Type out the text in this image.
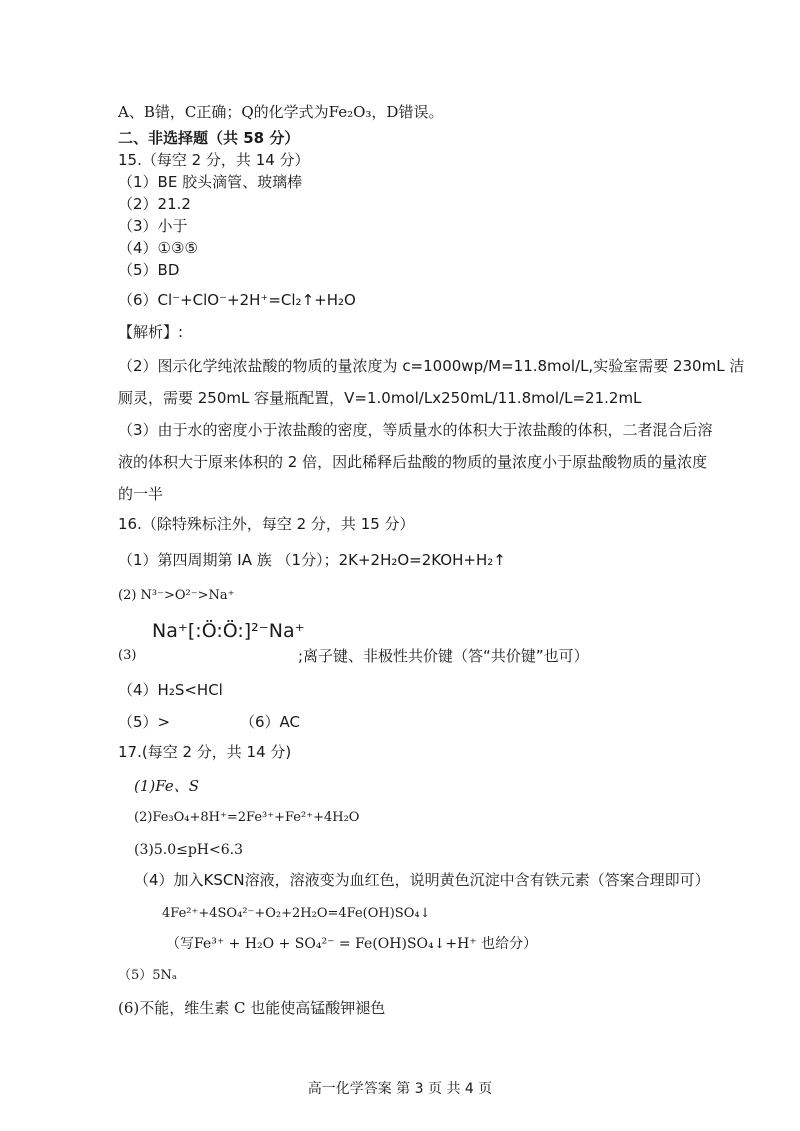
A、B错，C正确；Q的化学式为Fe₂O₃，D错误。
二、非选择题（共 58 分）
15.（每空 2 分，共 14 分）
（1）BE 胶头滴管、玻璃棒
（2）21.2
（3）小于
（4）①③⑤
（5）BD
（6）Cl⁻+ClO⁻+2H⁺=Cl₂↑+H₂O
【解析】:
（2）图示化学纯浓盐酸的物质的量浓度为 c=1000wp/M=11.8mol/L,实验室需要 230mL 洁
厕灵，需要 250mL 容量瓶配置，V=1.0mol/Lx250mL/11.8mol/L=21.2mL
（3）由于水的密度小于浓盐酸的密度，等质量水的体积大于浓盐酸的体积，二者混合后溶
液的体积大于原来体积的 2 倍，因此稀释后盐酸的物质的量浓度小于原盐酸物质的量浓度
的一半
16.（除特殊标注外，每空 2 分，共 15 分）
（1）第四周期第 IA 族 （1分）；2K+2H₂O=2KOH+H₂↑
(2) N³⁻>O²⁻>Na⁺
Na⁺[:Ö:Ö:]²⁻Na⁺
(3)	;离子键、非极性共价键（答“共价键”也可）
（4）H₂S<HCl
（5）>	（6）AC
17.(每空 2 分，共 14 分)
(1)Fe、S
(2)Fe₃O₄+8H⁺=2Fe³⁺+Fe²⁺+4H₂O
(3)5.0≤pH<6.3
（4）加入KSCN溶液，溶液变为血红色，说明黄色沉淀中含有铁元素（答案合理即可）
4Fe²⁺+4SO₄²⁻+O₂+2H₂O=4Fe(OH)SO₄↓
（写Fe³⁺ + H₂O + SO₄²⁻ = Fe(OH)SO₄↓+H⁺ 也给分）
（5）5Nₐ
(6)不能，维生素 C 也能使高锰酸钾褪色
高一化学答案 第 3 页 共 4 页
